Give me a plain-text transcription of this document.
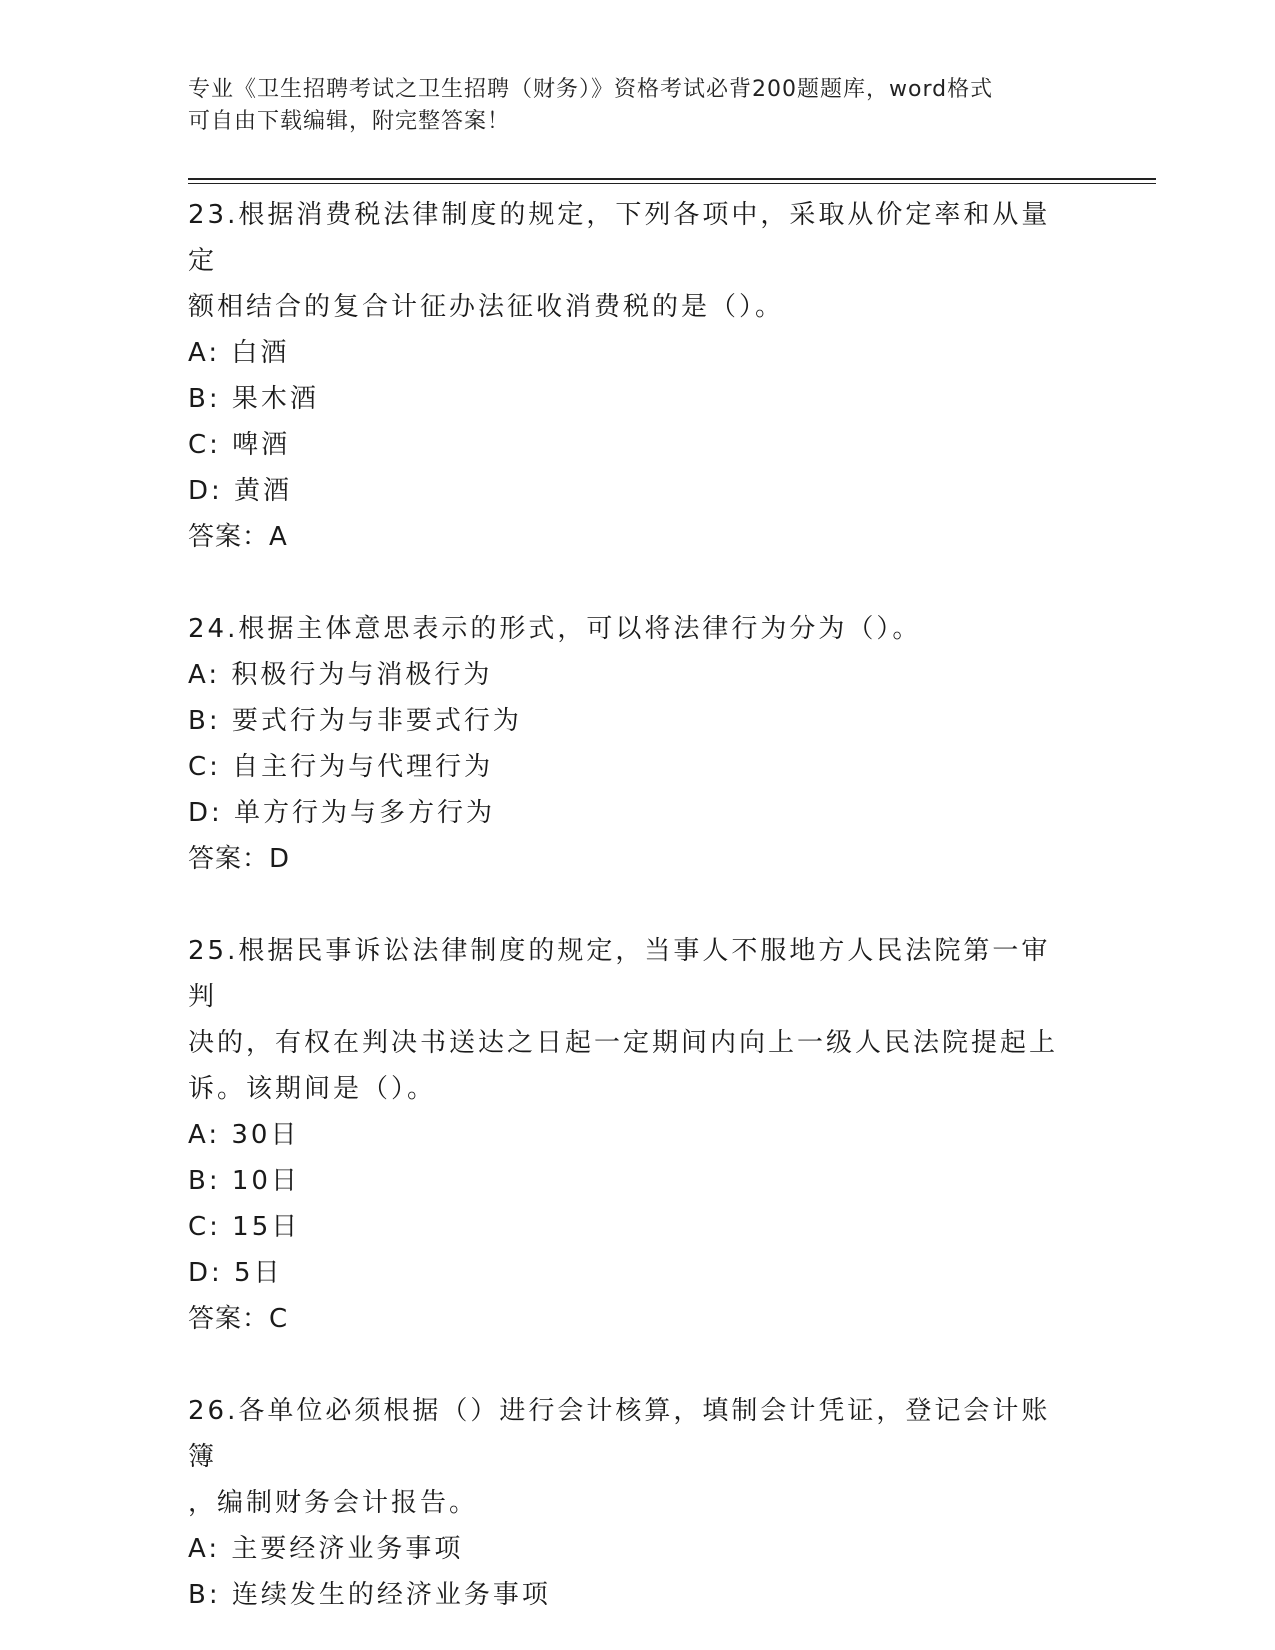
专业《卫生招聘考试之卫生招聘（财务）》资格考试必背200题题库，word格式
可自由下载编辑，附完整答案！
23.根据消费税法律制度的规定，下列各项中，采取从价定率和从量定
额相结合的复合计征办法征收消费税的是（）。
A: 白酒
B: 果木酒
C: 啤酒
D: 黄酒
答案：A
24.根据主体意思表示的形式，可以将法律行为分为（）。
A: 积极行为与消极行为
B: 要式行为与非要式行为
C: 自主行为与代理行为
D: 单方行为与多方行为
答案：D
25.根据民事诉讼法律制度的规定，当事人不服地方人民法院第一审判
决的，有权在判决书送达之日起一定期间内向上一级人民法院提起上
诉。该期间是（）。
A: 30日
B: 10日
C: 15日
D: 5日
答案：C
26.各单位必须根据（）进行会计核算，填制会计凭证，登记会计账簿
，编制财务会计报告。
A: 主要经济业务事项
B: 连续发生的经济业务事项
